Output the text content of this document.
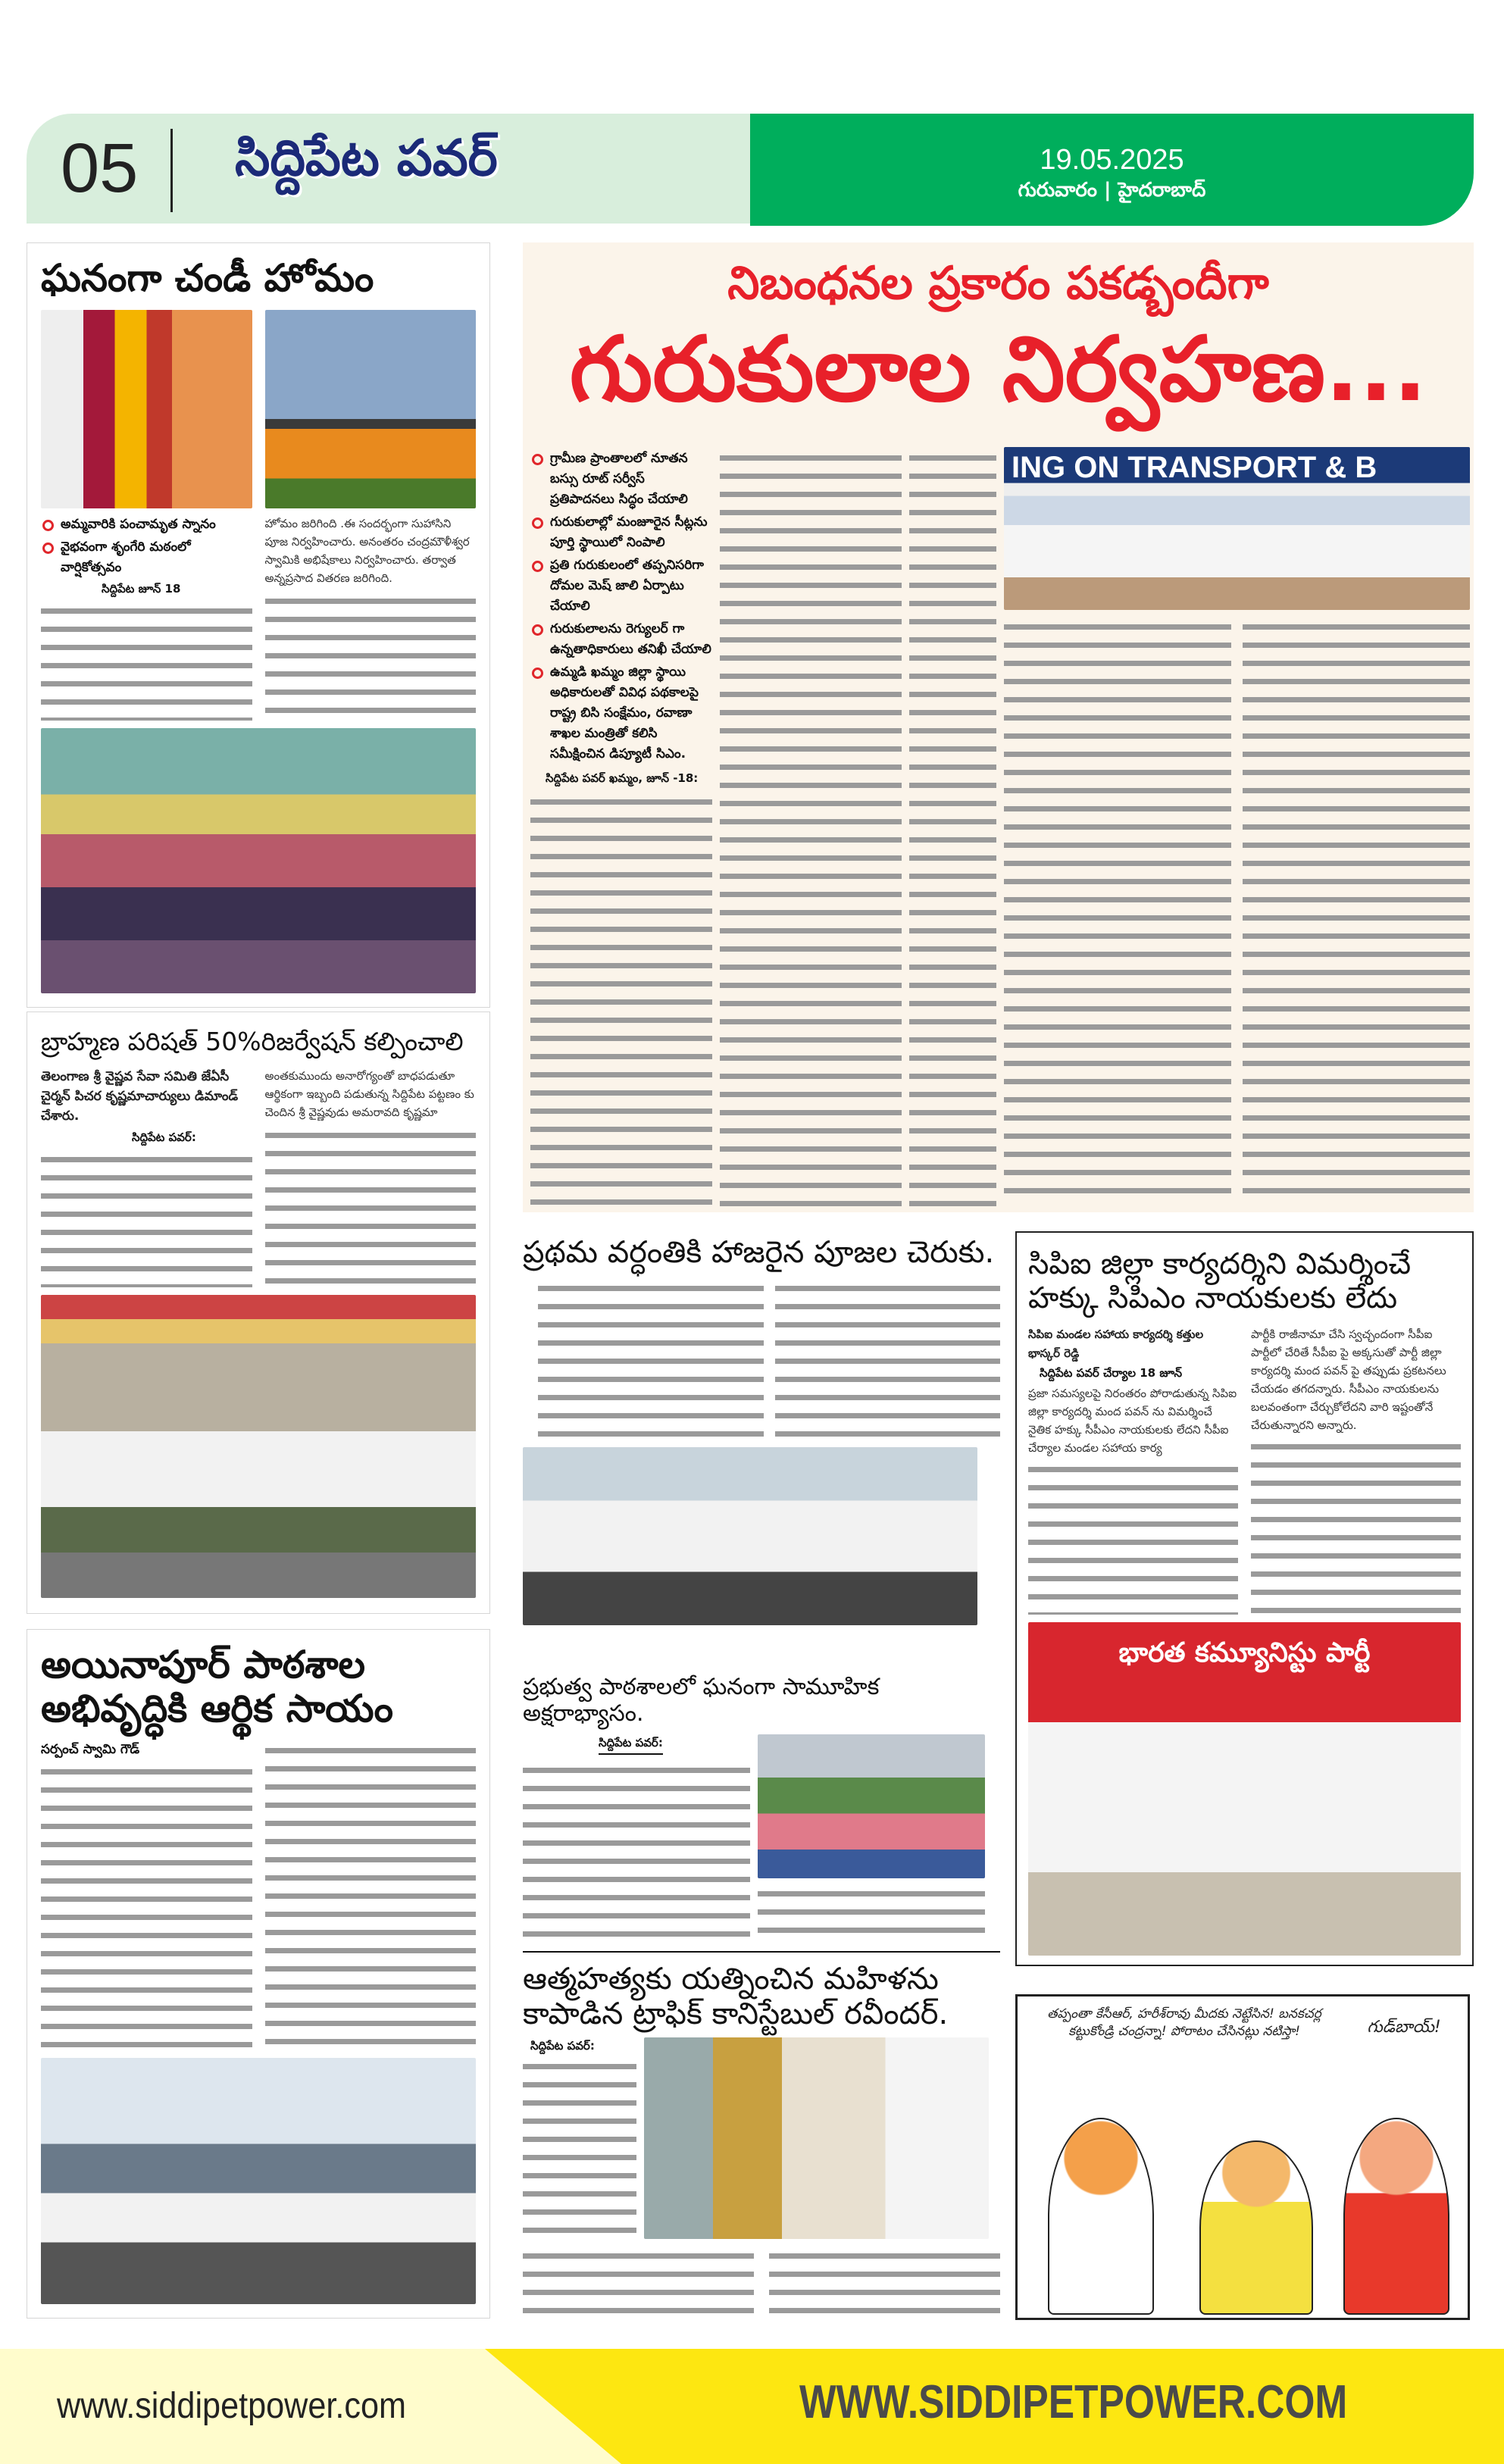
05 సిద్దిపేట పవర్	19.05.2025
గురువారం | హైదరాబాద్
ఘనంగా చండీ హోమం
అమ్మవారికి పంచామృత స్నానం
వైభవంగా శృంగేరి మఠంలో వార్షికోత్సవం
సిద్దిపేట జూన్ 18
హోమం జరిగింది .ఈ సందర్భంగా సుహాసిని పూజ నిర్వహించారు. అనంతరం చంద్రమౌళీశ్వర స్వామికి అభిషేకాలు నిర్వహించారు. తర్వాత అన్నప్రసాద వితరణ జరిగింది.
బ్రాహ్మణ పరిషత్ 50%రిజర్వేషన్ కల్పించాలి
తెలంగాణ శ్రీ వైష్ణవ సేవా సమితి జేఏసీ చైర్మన్ పిచర కృష్ణమాచార్యులు డిమాండ్ చేశారు.
సిద్దిపేట పవర్:
అంతకుముందు అనారోగ్యంతో బాధపడుతూ ఆర్థికంగా ఇబ్బంది పడుతున్న సిద్దిపేట పట్టణం కు చెందిన శ్రీ వైష్ణవుడు అమరావది కృష్ణమా
అయినాపూర్ పాఠశాల అభివృద్ధికి ఆర్థిక సాయం
సర్పంచ్ స్వామి గౌడ్
నిబంధనల ప్రకారం పకడ్బందీగా
గురుకులాల నిర్వహణ...
గ్రామీణ ప్రాంతాలలో నూతన బస్సు రూట్ సర్వీస్ ప్రతిపాదనలు సిద్ధం చేయాలి
గురుకులాల్లో మంజూరైన సీట్లను పూర్తి స్థాయిలో నింపాలి
ప్రతి గురుకులంలో తప్పనిసరిగా దోమల మెష్ జాలి ఏర్పాటు చేయాలి
గురుకులాలను రెగ్యులర్ గా ఉన్నతాధికారులు తనిఖీ చేయాలి
ఉమ్మడి ఖమ్మం జిల్లా స్థాయి అధికారులతో వివిధ పథకాలపై రాష్ట్ర బిసి సంక్షేమం, రవాణా శాఖల మంత్రితో కలిసి సమీక్షించిన డిప్యూటీ సిఎం.
సిద్దిపేట పవర్ ఖమ్మం, జూన్ -18:
ING ON TRANSPORT & B
ప్రథమ వర్ధంతికి హాజరైన పూజల చెరుకు.
ప్రభుత్వ పాఠశాలలో ఘనంగా సామూహిక అక్షరాభ్యాసం.
సిద్దిపేట పవర్:
ఆత్మహత్యకు యత్నించిన మహిళను కాపాడిన ట్రాఫిక్ కానిస్టేబుల్ రవీందర్.
సిద్దిపేట పవర్:
సిపిఐ జిల్లా కార్యదర్శిని విమర్శించే హక్కు సిపిఎం నాయకులకు లేదు
సిపిఐ మండల సహాయ కార్యదర్శి కత్తుల భాస్కర్ రెడ్డి
సిద్దిపేట పవర్ చేర్యాల 18 జూన్
ప్రజా సమస్యలపై నిరంతరం పోరాడుతున్న సిపిఐ జిల్లా కార్యదర్శి మంద పవన్ ను విమర్శించే నైతిక హక్కు సీపీఎం నాయకులకు లేదని సీపీఐ చేర్యాల మండల సహాయ కార్య
పార్టీకి రాజీనామా చేసి స్వచ్ఛందంగా సీపీఐ పార్టీలో చేరితే సీపీఐ పై అక్కసుతో పార్టీ జిల్లా కార్యదర్శి మంద పవన్ పై తప్పుడు ప్రకటనలు చేయడం తగదన్నారు. సీపీఎం నాయకులను బలవంతంగా చేర్చుకోలేదని వారి ఇష్టంతోనే చేరుతున్నారని అన్నారు.
భారత కమ్యూనిస్టు పార్టీ
తప్పంతా కేసీఆర్, హరీశ్‌రావు మీదకు నెట్టేసిన! బనకచర్ల కట్టుకోండ్రి చంద్రన్నా! పోరాటం చేసినట్లు నటిస్తా!	గుడ్‌బాయ్!
www.siddipetpower.com	WWW.SIDDIPETPOWER.COM
